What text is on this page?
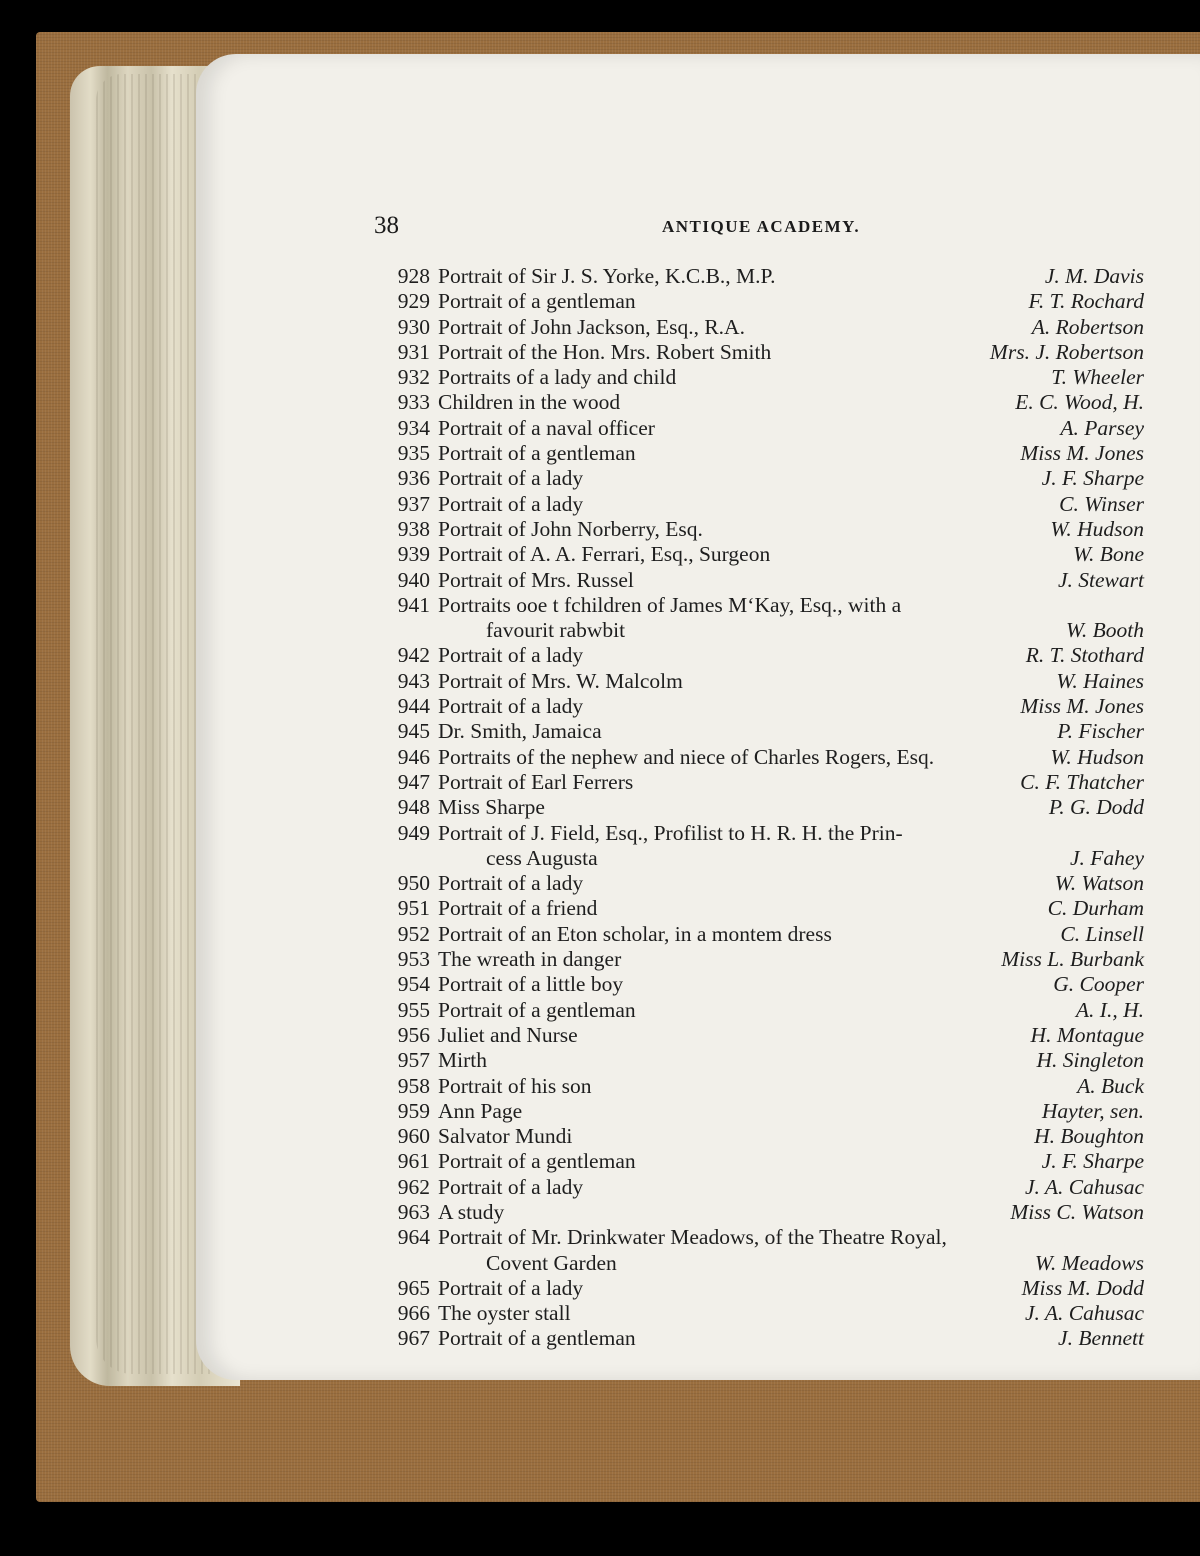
38	ANTIQUE ACADEMY.
928 Portrait of Sir J. S. Yorke, K.C.B., M.P.	J. M. Davis
929 Portrait of a gentleman	F. T. Rochard
930 Portrait of John Jackson, Esq., R.A.	A. Robertson
931 Portrait of the Hon. Mrs. Robert Smith	Mrs. J. Robertson
932 Portraits of a lady and child	T. Wheeler
933 Children in the wood	E. C. Wood, H.
934 Portrait of a naval officer	A. Parsey
935 Portrait of a gentleman	Miss M. Jones
936 Portrait of a lady	J. F. Sharpe
937 Portrait of a lady	C. Winser
938 Portrait of John Norberry, Esq.	W. Hudson
939 Portrait of A. A. Ferrari, Esq., Surgeon	W. Bone
940 Portrait of Mrs. Russel	J. Stewart
941 Portraits ooe t fchildren of James M‘Kay, Esq., with a
favourit rabwbit	W. Booth
942 Portrait of a lady	R. T. Stothard
943 Portrait of Mrs. W. Malcolm	W. Haines
944 Portrait of a lady	Miss M. Jones
945 Dr. Smith, Jamaica	P. Fischer
946 Portraits of the nephew and niece of Charles Rogers, Esq.	W. Hudson
947 Portrait of Earl Ferrers	C. F. Thatcher
948 Miss Sharpe	P. G. Dodd
949 Portrait of J. Field, Esq., Profilist to H. R. H. the Prin-
cess Augusta	J. Fahey
950 Portrait of a lady	W. Watson
951 Portrait of a friend	C. Durham
952 Portrait of an Eton scholar, in a montem dress	C. Linsell
953 The wreath in danger	Miss L. Burbank
954 Portrait of a little boy	G. Cooper
955 Portrait of a gentleman	A. I., H.
956 Juliet and Nurse	H. Montague
957 Mirth	H. Singleton
958 Portrait of his son	A. Buck
959 Ann Page	Hayter, sen.
960 Salvator Mundi	H. Boughton
961 Portrait of a gentleman	J. F. Sharpe
962 Portrait of a lady	J. A. Cahusac
963 A study	Miss C. Watson
964 Portrait of Mr. Drinkwater Meadows, of the Theatre Royal,
Covent Garden	W. Meadows
965 Portrait of a lady	Miss M. Dodd
966 The oyster stall	J. A. Cahusac
967 Portrait of a gentleman	J. Bennett
